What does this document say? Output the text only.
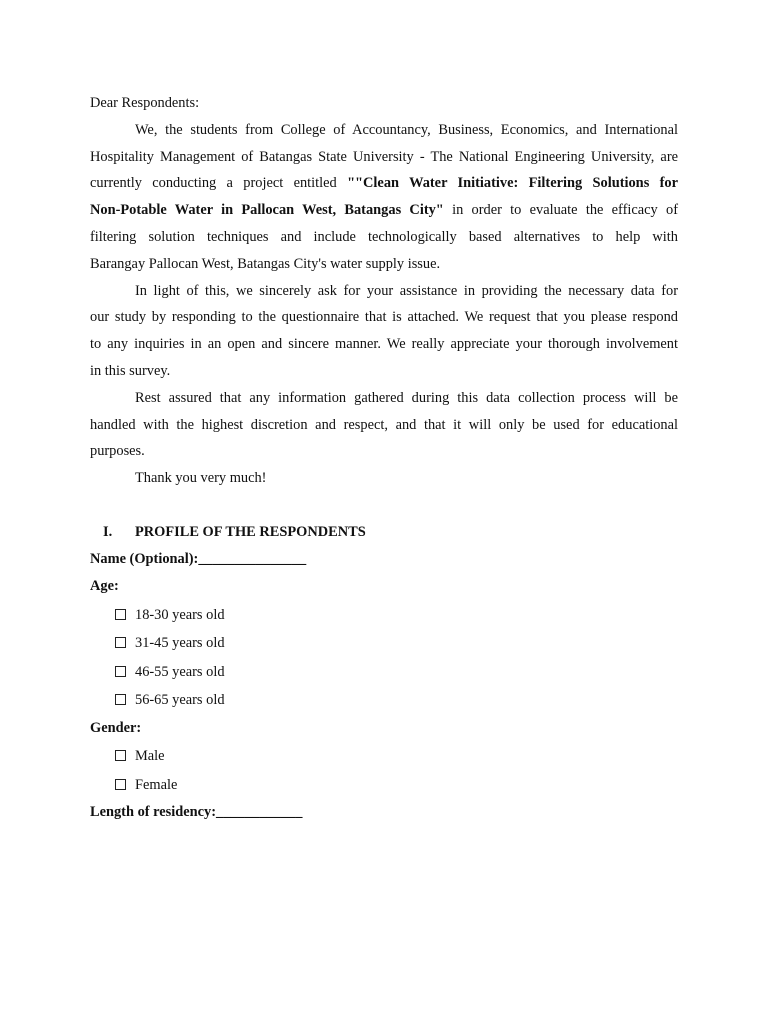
Dear Respondents:
We, the students from College of Accountancy, Business, Economics, and International
Hospitality Management of Batangas State University - The National Engineering University, are
currently conducting a project entitled ""Clean Water Initiative: Filtering Solutions for
Non-Potable Water in Pallocan West, Batangas City" in order to evaluate the efficacy of
filtering solution techniques and include technologically based alternatives to help with
Barangay Pallocan West, Batangas City's water supply issue.
In light of this, we sincerely ask for your assistance in providing the necessary data for
our study by responding to the questionnaire that is attached. We request that you please respond
to any inquiries in an open and sincere manner. We really appreciate your thorough involvement
in this survey.
Rest assured that any information gathered during this data collection process will be
handled with the highest discretion and respect, and that it will only be used for educational
purposes.
Thank you very much!
I. PROFILE OF THE RESPONDENTS
Name (Optional):_______________
Age:
18-30 years old
31-45 years old
46-55 years old
56-65 years old
Gender:
Male
Female
Length of residency:____________
